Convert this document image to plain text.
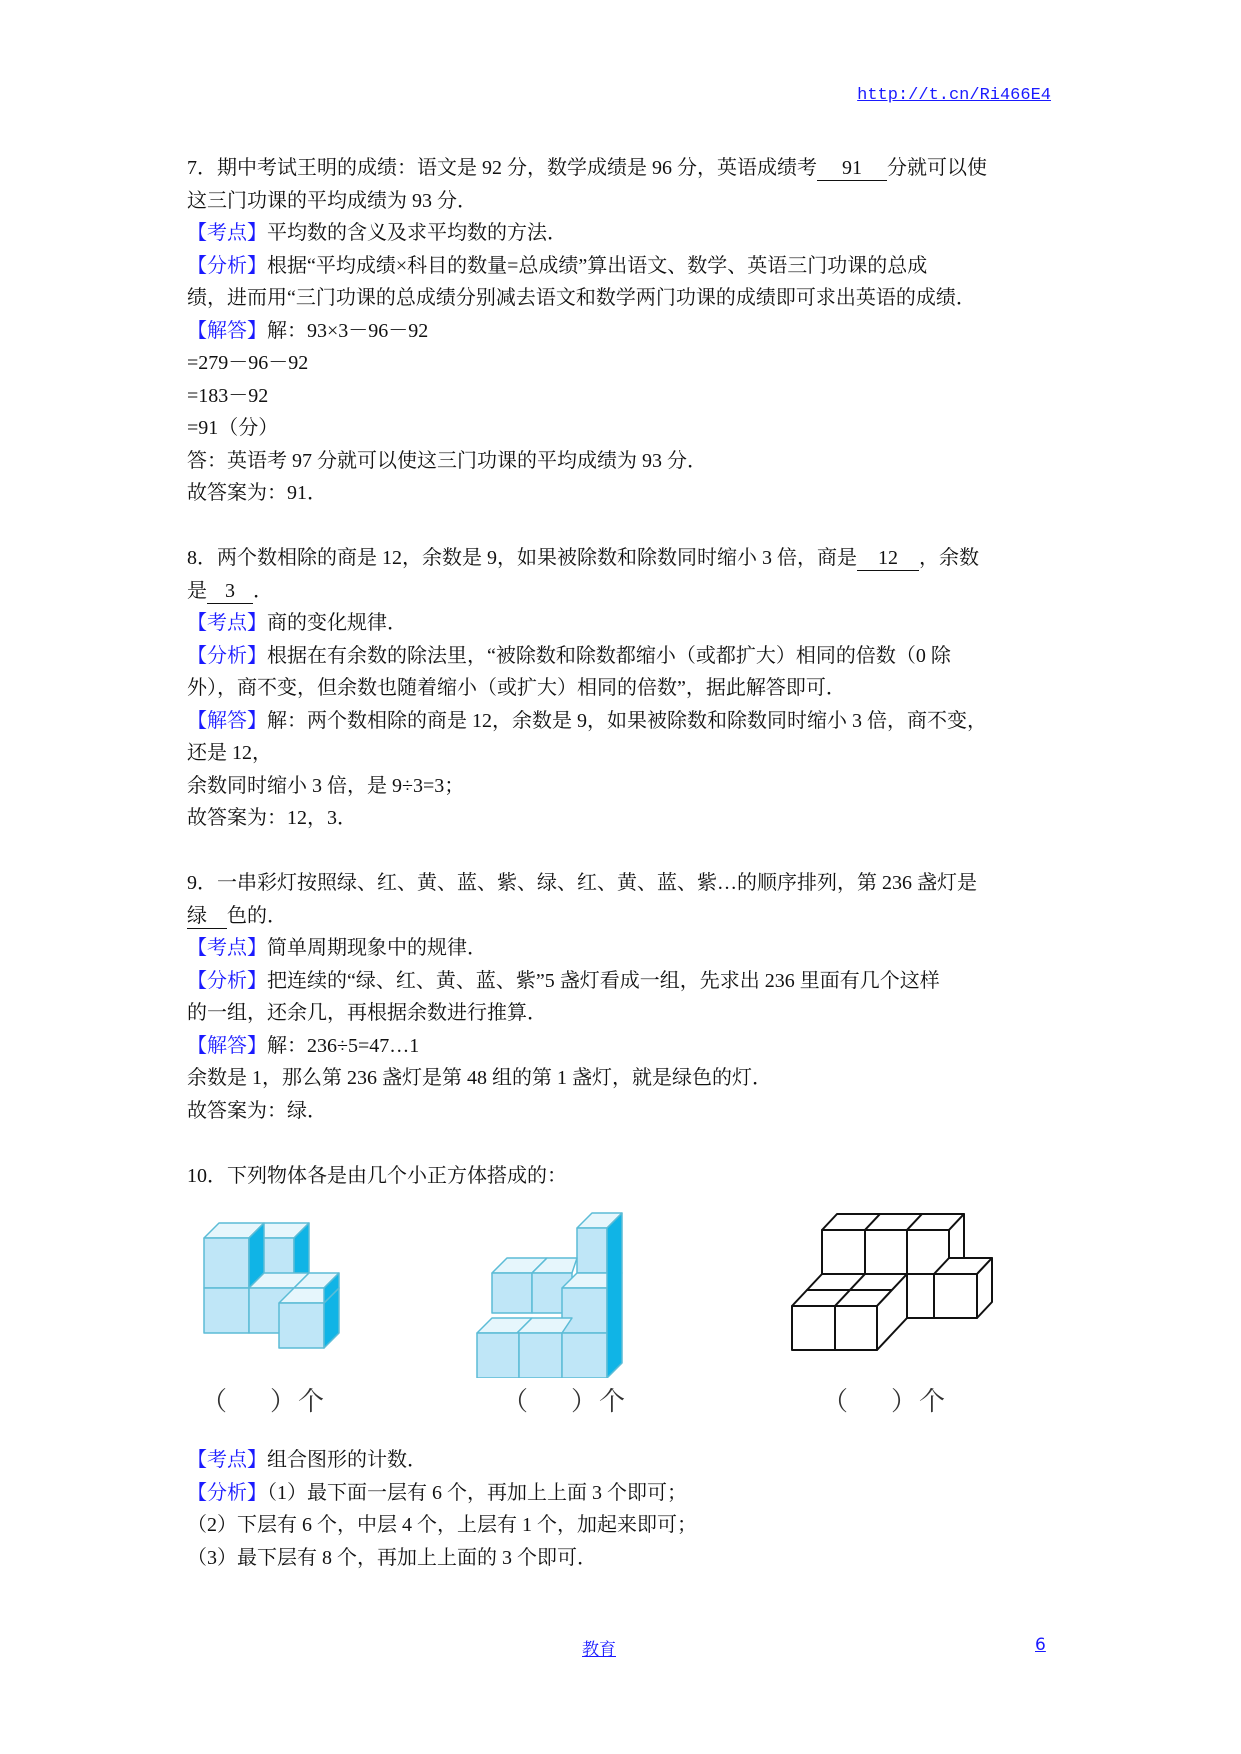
http://t.cn/Ri466E4
7．期中考试王明的成绩：语文是 92 分，数学成绩是 96 分，英语成绩考 91 分就可以使
这三门功课的平均成绩为 93 分．
【考点】平均数的含义及求平均数的方法．
【分析】根据“平均成绩×科目的数量=总成绩”算出语文、数学、英语三门功课的总成
绩，进而用“三门功课的总成绩分别减去语文和数学两门功课的成绩即可求出英语的成绩．
【解答】解：93×3－96－92
=279－96－92
=183－92
=91（分）
答：英语考 97 分就可以使这三门功课的平均成绩为 93 分．
故答案为：91．
8．两个数相除的商是 12，余数是 9，如果被除数和除数同时缩小 3 倍，商是 12 ，余数
是 3 ．
【考点】商的变化规律．
【分析】根据在有余数的除法里，“被除数和除数都缩小（或都扩大）相同的倍数（0 除
外），商不变，但余数也随着缩小（或扩大）相同的倍数”，据此解答即可．
【解答】解：两个数相除的商是 12，余数是 9，如果被除数和除数同时缩小 3 倍，商不变，
还是 12，
余数同时缩小 3 倍，是 9÷3=3；
故答案为：12，3．
9．一串彩灯按照绿、红、黄、蓝、紫、绿、红、黄、蓝、紫…的顺序排列，第 236 盏灯是
绿 色的．
【考点】简单周期现象中的规律．
【分析】把连续的“绿、红、黄、蓝、紫”5 盏灯看成一组，先求出 236 里面有几个这样
的一组，还余几，再根据余数进行推算．
【解答】解：236÷5=47…1
余数是 1，那么第 236 盏灯是第 48 组的第 1 盏灯，就是绿色的灯．
故答案为：绿．
10．下列物体各是由几个小正方体搭成的：
（    ）个	（    ）个	（    ）个
【考点】组合图形的计数．
【分析】（1）最下面一层有 6 个，再加上上面 3 个即可；
（2）下层有 6 个，中层 4 个，上层有 1 个，加起来即可；
（3）最下层有 8 个，再加上上面的 3 个即可．
教育	6
